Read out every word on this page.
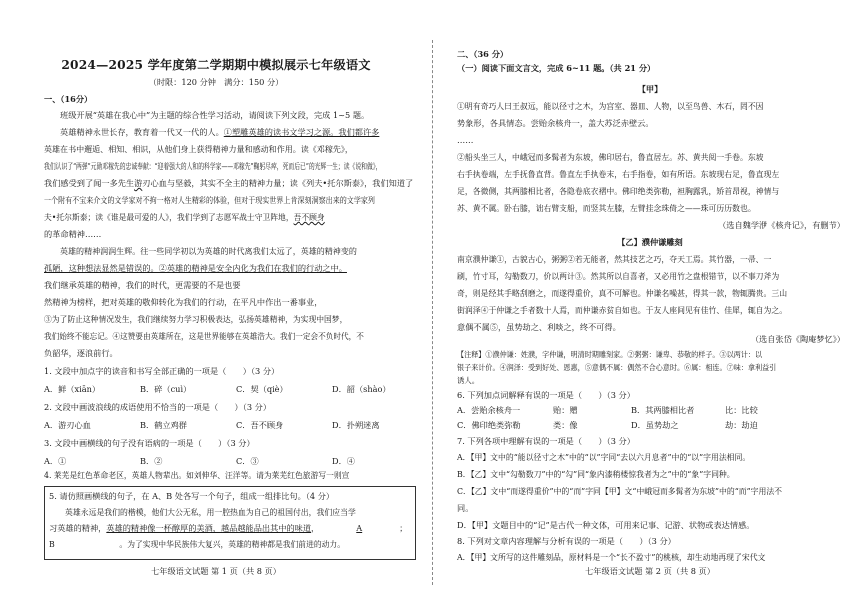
2024—2025 学年度第二学期期中模拟展示七年级语文
（时限：120 分钟　满分：150 分）
一、（16分）
班级开展“英雄在我心中”为主题的综合性学习活动，请阅读下列文段，完成 1~5 题。
英雄精神永世长存，教育着一代又一代的人。①塑雕英雄的读书文学习之源。我们都许多
英雄在书中邂逅、相知、相识，从他们身上获得精神力量和感动和作用。读《邓稼先》，
我们认识了“两弹”元勋邓稼先的忠诚奉献：“迎着强大的人和的科学家——邓稼先”鞠躬尽瘁，死而后已”的光辉一生；读《说和做》，
我们感受到了闻一多先生游刃心血与坚毅，其实不全主的精神力量；读《列夫•托尔斯泰》，我们知道了
一个附有不宝来介文的文学家对不拘一格对人生精彩的体验，但对于现实世界上肯深刻洞察出来的文学家列
夫•托尔斯泰；读《谁是最可爱的人》，我们学到了志愿军战士守卫阵地，吾不顾身
的革命精神……
英雄的精神润润生辉。往一些同学初以为英雄的时代离我们太远了，英雄的精神变的
孤陋，这种想法显然是错误的。②英雄的精神是安全内化为我们在我们的行动之中。
我们继承英雄的精神，我们的时代，更需要的不是也要
然精神为榜样，把对英雄的敬仰转化为我们的行动，在平凡中作出一番事业，
③为了防止这种情况发生，我们继续努力学习积极表达，弘扬英雄精神，为实现中国梦，
我们始终不能忘记。④这赞要由英雄所在，这是世界能够在英雄浩大。我们一定会不负时代，不
负韶华，逐浪前行。
1. 文段中加点字的读音和书写全部正确的一项是（　　）（3 分）
A．鲜（xiān）	B．碎（cuì）	C．契（qiè）	D．韶（shào）
2. 文段中画波浪线的成语使用不恰当的一项是（　　）（3 分）
A．游刃心血	B．鹤立鸡群	C．吾不顾身	D．扑朔迷离
3. 文段中画横线的句子没有语病的一项是（　　）（3 分）
A．①	B．②	C．③	D．④
4. 莱芜是红色革命老区，英雄人物辈出。如刘伸华、汪洋等。请为莱芜红色旅游写一则宣
5. 请仿照画横线的句子，在 A、B 处各写一个句子，组成一组排比句。（4 分）
英雄永远是我们的楷模，他们大公无私，用一腔热血为自己的祖国付出，我们应当学
习英雄的精神，英雄的精神像一杯醇厚的美酒，越品越能品出其中的味道，	A	；
B 　　　　　　　　。为了实现中华民族伟大复兴，英雄的精神都是我们前进的动力。
七年级语文试题 第 1 页（共 8 页）
二、（36 分）
（一）阅读下面文言文，完成 6~11 题。（共 21 分）
【甲】
①明有奇巧人曰王叔远，能以径寸之木，为宫室、器皿、人物，以至鸟兽、木石，罔不因
势象形，各具情态。尝贻余核舟一，盖大苏泛赤壁云。
……
②船头坐三人，中峨冠而多髯者为东坡，佛印居右，鲁直居左。苏、黄共阅一手卷。东坡
右手执卷端，左手抚鲁直背。鲁直左手执卷末，右手指卷，如有所语。东坡现右足，鲁直现左
足，各微侧，其两膝相比者，各隐卷底衣褶中。佛印绝类弥勒，袒胸露乳，矫首昂视，神情与
苏、黄不属。卧右膝，诎右臂支船，而竖其左膝，左臂挂念珠倚之——珠可历历数也。
（选自魏学洢《核舟记》，有删节）
【乙】濮仲谦雕刻
南京濮仲谦①，古貌古心，粥粥②若无能者，然其技艺之巧，夺天工焉。其竹器，一帚、一
刷，竹寸耳，勾勒数刀，价以两计③。然其所以自喜者，又必用竹之盘根错节，以不事刀斧为
奇，则是经其手略刮磨之，而遂得重价，真不可解也。仲谦名噪甚，得其一款，物辄腾贵。三山
街润泽④于仲谦之手者数十人焉，而仲谦赤贫自如也。于友人座间见有佳竹、佳犀，辄自为之。
意偶不属⑤，虽势劫之、利啖之，终不可得。
（选自张岱《陶庵梦忆》）
【注释】①濮仲谦：姓濮，字仲谦，明清时期雕刻家。②粥粥：谦卑、恭敬的样子。③以两计：以
银子来计价。④润泽：受到好处、恩惠，⑤意偶不属：偶然不合心意时。⑥属：相连。⑦味：拿利益引
诱人。
6. 下列加点词解释有误的一项是（　　）（3 分）
A．尝贻余核舟一	贻：赠	B．其两膝相比者	比：比较
C．佛印绝类弥勒	类：像	D．虽势劫之	劫：劫迫
7. 下列各项中理解有误的一项是（　　）（3 分）
A．【甲】文中的“能以径寸之木”中的“以”字同“去以六月息者”中的“以”字用法相同。
B．【乙】文中“勾勒数刀”中的“勾”同“象内漆稍楼惊我者为之”中的“象”字同种。
C．【乙】文中“而遂得重价”中的“而”字同【甲】文“中峨冠而多髯者为东坡”中的“而”字用法不
同。
D．【甲】文题目中的“记”是古代一种文体，可用来记事、记游、状物或表达情感。
8. 下列对文章内容理解与分析有误的一项是（　　）（3 分）
A．【甲】文所写的这件雕刻品，原材料是一个“长不盈寸”的桃核，却生动地再现了宋代文
七年级语文试题 第 2 页（共 8 页）
